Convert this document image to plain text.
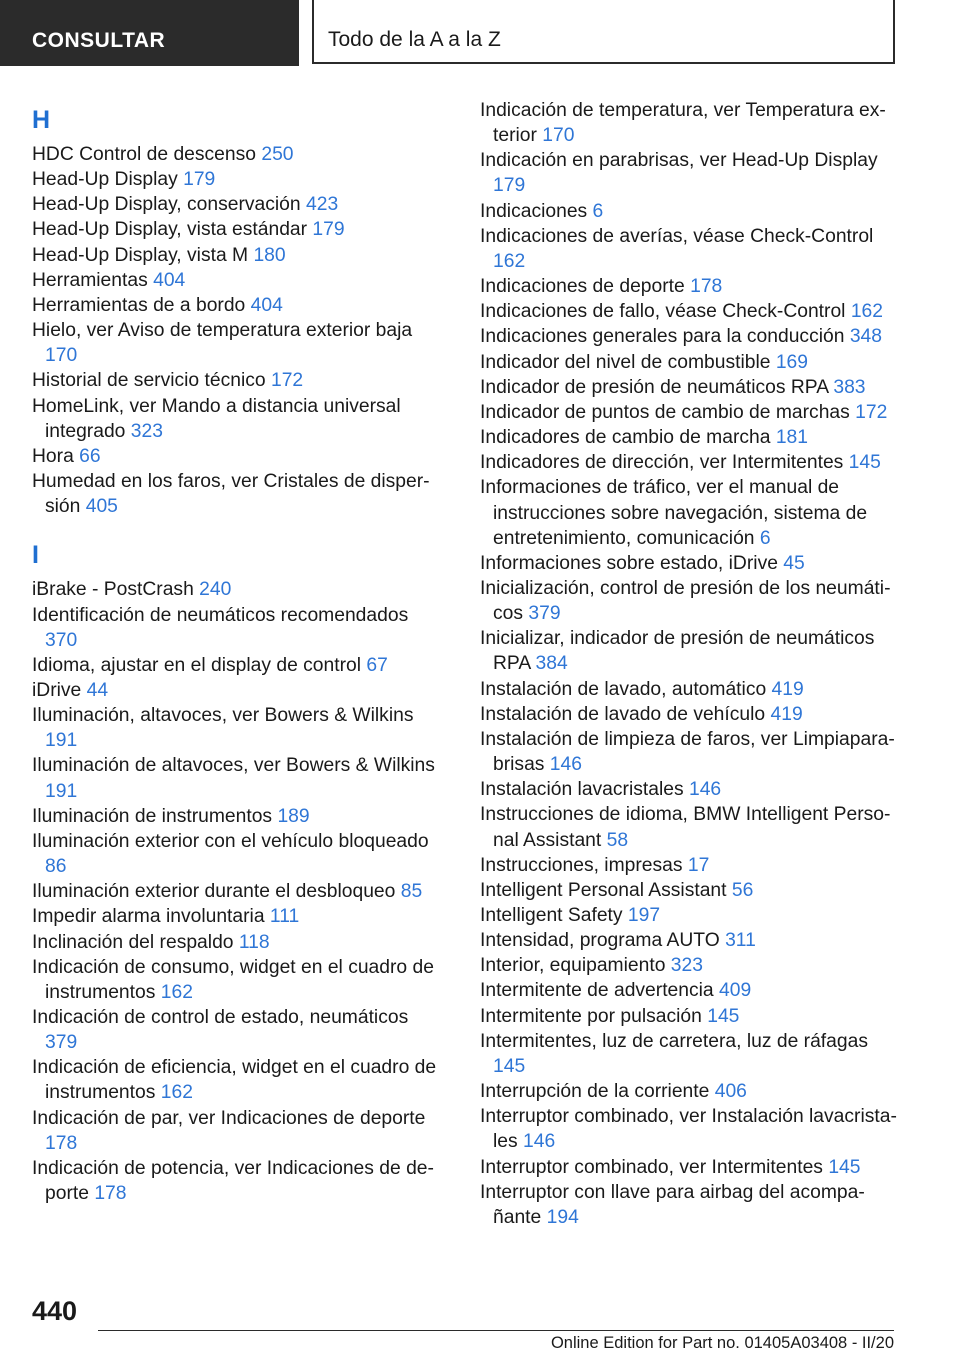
CONSULTAR	Todo de la A a la Z
H
HDC Control de descenso 250
Head-Up Display 179
Head-Up Display, conservación 423
Head-Up Display, vista estándar 179
Head-Up Display, vista M 180
Herramientas 404
Herramientas de a bordo 404
Hielo, ver Aviso de temperatura exterior baja 170
Historial de servicio técnico 172
HomeLink, ver Mando a distancia universal integrado 323
Hora 66
Humedad en los faros, ver Cristales de dispersión 405
I
iBrake - PostCrash 240
Identificación de neumáticos recomendados 370
Idioma, ajustar en el display de control 67
iDrive 44
Iluminación, altavoces, ver Bowers & Wilkins 191
Iluminación de altavoces, ver Bowers & Wilkins 191
Iluminación de instrumentos 189
Iluminación exterior con el vehículo bloqueado 86
Iluminación exterior durante el desbloqueo 85
Impedir alarma involuntaria 111
Inclinación del respaldo 118
Indicación de consumo, widget en el cuadro de instrumentos 162
Indicación de control de estado, neumáticos 379
Indicación de eficiencia, widget en el cuadro de instrumentos 162
Indicación de par, ver Indicaciones de deporte 178
Indicación de potencia, ver Indicaciones de deporte 178
Indicación de temperatura, ver Temperatura exterior 170
Indicación en parabrisas, ver Head-Up Display 179
Indicaciones 6
Indicaciones de averías, véase Check-Control 162
Indicaciones de deporte 178
Indicaciones de fallo, véase Check-Control 162
Indicaciones generales para la conducción 348
Indicador del nivel de combustible 169
Indicador de presión de neumáticos RPA 383
Indicador de puntos de cambio de marchas 172
Indicadores de cambio de marcha 181
Indicadores de dirección, ver Intermitentes 145
Informaciones de tráfico, ver el manual de instrucciones sobre navegación, sistema de entretenimiento, comunicación 6
Informaciones sobre estado, iDrive 45
Inicialización, control de presión de los neumáticos 379
Inicializar, indicador de presión de neumáticos RPA 384
Instalación de lavado, automático 419
Instalación de lavado de vehículo 419
Instalación de limpieza de faros, ver Limpiaparabrisas 146
Instalación lavacristales 146
Instrucciones de idioma, BMW Intelligent Personal Assistant 58
Instrucciones, impresas 17
Intelligent Personal Assistant 56
Intelligent Safety 197
Intensidad, programa AUTO 311
Interior, equipamiento 323
Intermitente de advertencia 409
Intermitente por pulsación 145
Intermitentes, luz de carretera, luz de ráfagas 145
Interrupción de la corriente 406
Interruptor combinado, ver Instalación lavacristales 146
Interruptor combinado, ver Intermitentes 145
Interruptor con llave para airbag del acompañante 194
440
Online Edition for Part no. 01405A03408 - II/20
